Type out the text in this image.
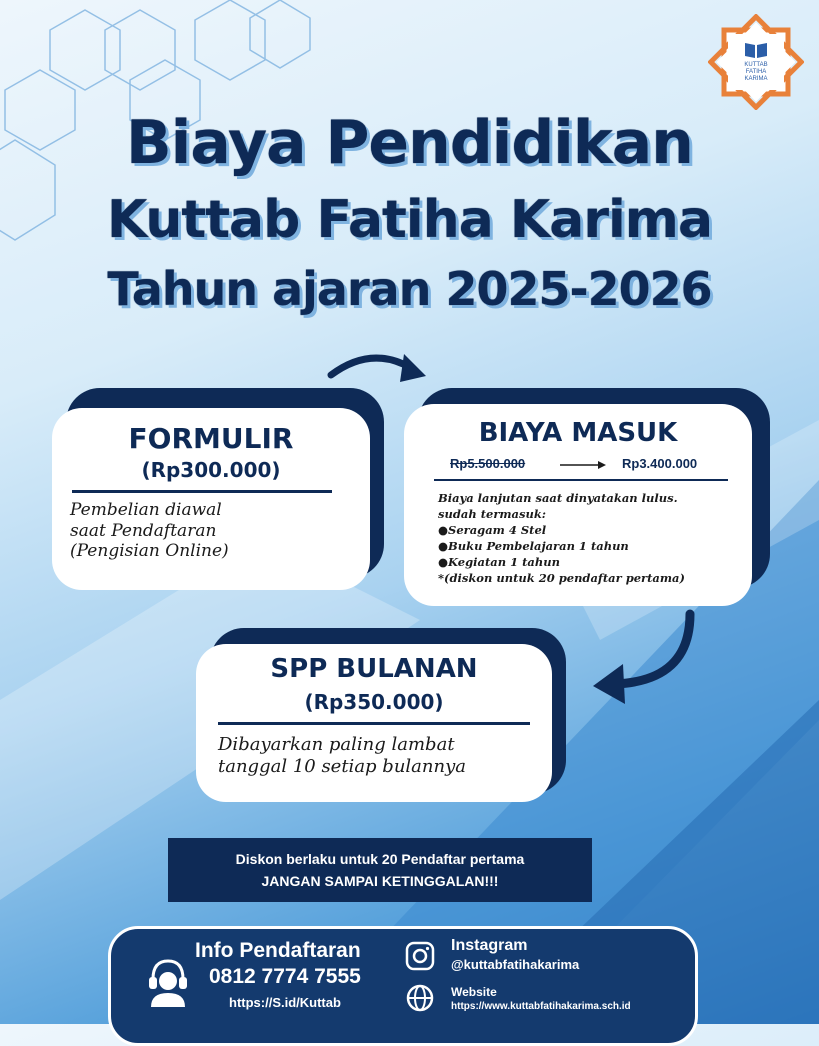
KUTTAB
FATIHA
KARIMA
Biaya Pendidikan
Kuttab Fatiha Karima
Tahun ajaran 2025-2026
FORMULIR
(Rp300.000)
Pembelian diawal
saat Pendaftaran
(Pengisian Online)
BIAYA MASUK
Rp5.500.000	Rp3.400.000
Biaya lanjutan saat dinyatakan lulus.
sudah termasuk:
●Seragam 4 Stel
●Buku Pembelajaran 1 tahun
●Kegiatan 1 tahun
*(diskon untuk 20 pendaftar pertama)
SPP BULANAN
(Rp350.000)
Dibayarkan paling lambat
tanggal 10 setiap bulannya
Diskon berlaku untuk 20 Pendaftar pertama
JANGAN SAMPAI KETINGGALAN!!!
Info Pendaftaran
0812 7774 7555
https://S.id/Kuttab
Instagram
@kuttabfatihakarima
Website
https://www.kuttabfatihakarima.sch.id
